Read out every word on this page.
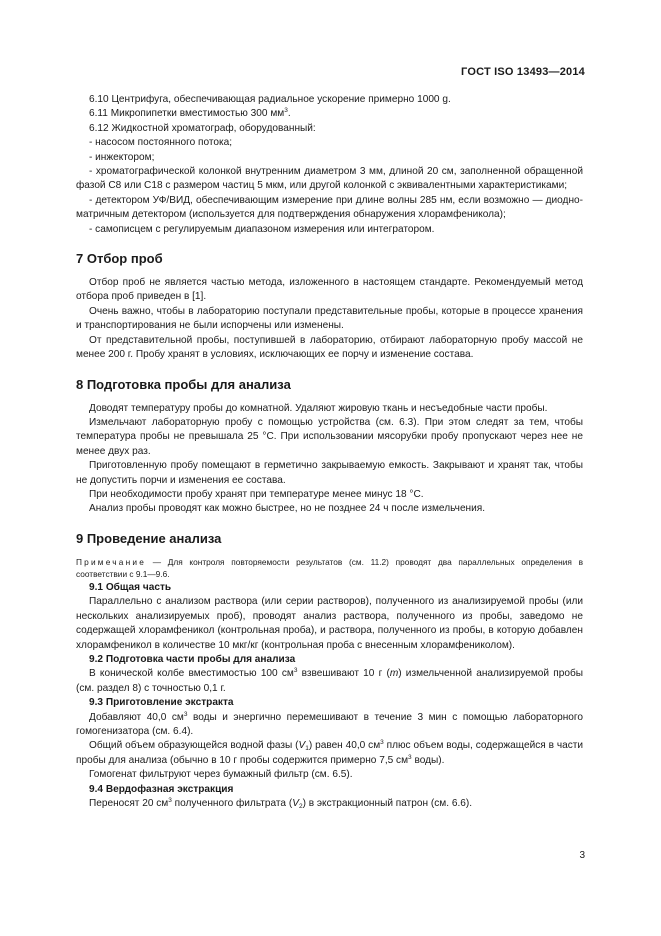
ГОСТ ISO 13493—2014

6.10 Центрифуга, обеспечивающая радиальное ускорение примерно 1000 g.

6.11 Микропипетки вместимостью 300 $мм^3$.

6.12 Жидкостной хроматограф, оборудованный:

- насосом постоянного потока;

- инжектором;

- хроматографической колонкой внутренним диаметром 3 мм, длиной 20 см, заполненной обращенной фазой С8 или С18 с размером частиц 5 мкм, или другой колонкой с эквивалентными характеристиками;

- детектором УФ/ВИД, обеспечивающим измерение при длине волны 285 нм, если возможно — диодно-матричным детектором (используется для подтверждения обнаружения хлорамфеникола);

- самописцем с регулируемым диапазоном измерения или интегратором.

7 Отбор проб

Отбор проб не является частью метода, изложенного в настоящем стандарте. Рекомендуемый метод отбора проб приведен в [1].

Очень важно, чтобы в лабораторию поступали представительные пробы, которые в процессе хранения и транспортирования не были испорчены или изменены.

От представительной пробы, поступившей в лабораторию, отбирают лабораторную пробу массой не менее 200 г. Пробу хранят в условиях, исключающих ее порчу и изменение состава.

8 Подготовка пробы для анализа

Доводят температуру пробы до комнатной. Удаляют жировую ткань и несъедобные части пробы.

Измельчают лабораторную пробу с помощью устройства (см. 6.3). При этом следят за тем, чтобы температура пробы не превышала 25 °С. При использовании мясорубки пробу пропускают через нее не менее двух раз.

Приготовленную пробу помещают в герметично закрываемую емкость. Закрывают и хранят так, чтобы не допустить порчи и изменения ее состава.

При необходимости пробу хранят при температуре менее минус 18 °С.

Анализ пробы проводят как можно быстрее, но не позднее 24 ч после измельчения.

9 Проведение анализа

Примечание — Для контроля повторяемости результатов (см. 11.2) проводят два параллельных определения в соответствии с 9.1—9.6.

9.1 Общая часть

Параллельно с анализом раствора (или серии растворов), полученного из анализируемой пробы (или нескольких анализируемых проб), проводят анализ раствора, полученного из пробы, заведомо не содержащей хлорамфеникол (контрольная проба), и раствора, полученного из пробы, в которую добавлен хлорамфеникол в количестве 10 мкг/кг (контрольная проба с внесенным хлорамфениколом).

9.2 Подготовка части пробы для анализа

В конической колбе вместимостью 100 $см^3$ взвешивают 10 г (m) измельченной анализируемой пробы (см. раздел 8) с точностью 0,1 г.

9.3 Приготовление экстракта

Добавляют 40,0 $см^3$ воды и энергично перемешивают в течение 3 мин с помощью лабораторного гомогенизатора (см. 6.4).

Общий объем образующейся водной фазы $(V_1)$ равен 40,0 $см^3$ плюс объем воды, содержащейся в части пробы для анализа (обычно в 10 г пробы содержится примерно 7,5 $см^3$ воды).

Гомогенат фильтруют через бумажный фильтр (см. 6.5).

9.4 Вердофазная экстракция

Переносят 20 $см^3$ полученного фильтрата $(V_2)$ в экстракционный патрон (см. 6.6).

3
